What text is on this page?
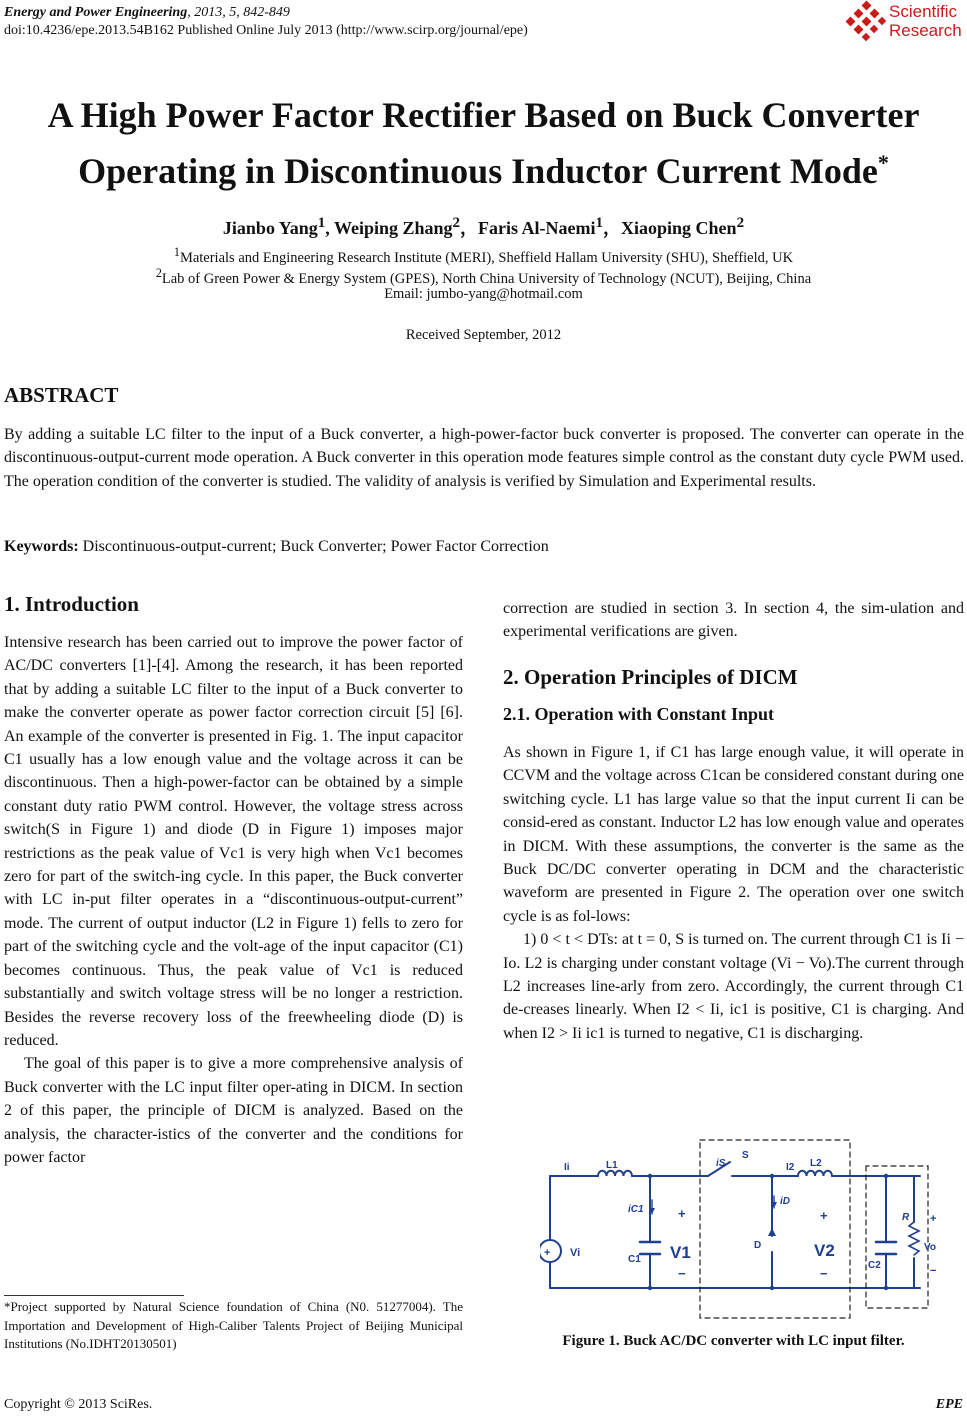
Energy and Power Engineering, 2013, 5, 842-849
doi:10.4236/epe.2013.54B162 Published Online July 2013 (http://www.scirp.org/journal/epe)
Scientific
Research
A High Power Factor Rectifier Based on Buck Converter
Operating in Discontinuous Inductor Current Mode*
Jianbo Yang$^1$, Weiping Zhang$^2$，Faris Al-Naemi$^1$，Xiaoping Chen$^2$
$^1$Materials and Engineering Research Institute (MERI), Sheffield Hallam University (SHU), Sheffield, UK
$^2$Lab of Green Power & Energy System (GPES), North China University of Technology (NCUT), Beijing, China
Email: jumbo-yang@hotmail.com
Received September, 2012
ABSTRACT
By adding a suitable LC filter to the input of a Buck converter, a high-power-factor buck converter is proposed. The converter can operate in the discontinuous-output-current mode operation. A Buck converter in this operation mode features simple control as the constant duty cycle PWM used. The operation condition of the converter is studied. The validity of analysis is verified by Simulation and Experimental results.
Keywords: Discontinuous-output-current; Buck Converter; Power Factor Correction
1. Introduction

Intensive research has been carried out to improve the power factor of AC/DC converters [1]-[4]. Among the research, it has been reported that by adding a suitable LC filter to the input of a Buck converter to make the converter operate as power factor correction circuit [5] [6]. An example of the converter is presented in Fig. 1. The input capacitor C1 usually has a low enough value and the voltage across it can be discontinuous. Then a high-power-factor can be obtained by a simple constant duty ratio PWM control. However, the voltage stress across switch(S in Figure 1) and diode (D in Figure 1) imposes major restrictions as the peak value of Vc1 is very high when Vc1 becomes zero for part of the switch-ing cycle. In this paper, the Buck converter with LC in-put filter operates in a “discontinuous-output-current” mode. The current of output inductor (L2 in Figure 1) fells to zero for part of the switching cycle and the volt-age of the input capacitor (C1) becomes continuous. Thus, the peak value of Vc1 is reduced substantially and switch voltage stress will be no longer a restriction. Besides the reverse recovery loss of the freewheeling diode (D) is reduced.

The goal of this paper is to give a more comprehensive analysis of Buck converter with the LC input filter oper-ating in DICM. In section 2 of this paper, the principle of DICM is analyzed. Based on the analysis, the character-istics of the converter and the conditions for power factor

*Project supported by Natural Science foundation of China (N0. 51277004). The Importation and Development of High-Caliber Talents Project of Beijing Municipal Institutions (No.IDHT20130501)

correction are studied in section 3. In section 4, the sim-ulation and experimental verifications are given.

2. Operation Principles of DICM
2.1. Operation with Constant Input

As shown in Figure 1, if C1 has large enough value, it will operate in CCVM and the voltage across C1can be considered constant during one switching cycle. L1 has large value so that the input current Ii can be consid-ered as constant. Inductor L2 has low enough value and operates in DICM. With these assumptions, the converter is the same as the Buck DC/DC converter operating in DCM and the characteristic waveform are presented in Figure 2. The operation over one switch cycle is as fol-lows:

1) 0 < t < DTs: at t = 0, S is turned on. The current through C1 is Ii − Io. L2 is charging under constant voltage (Vi − Vo).The current through L2 increases line-arly from zero. Accordingly, the current through C1 de-creases linearly. When I2 < Ii, ic1 is positive, C1 is charging. And when I2 > Ii ic1 is turned to negative, C1 is discharging.

+
Ii	L1
Vi
C1
iC1	+
V1
−
iS
S
D
iD
I2 L2
+
V2
−
C2
R +
Vo
−
Figure 1. Buck AC/DC converter with LC input filter.
Copyright © 2013 SciRes.	EPE
